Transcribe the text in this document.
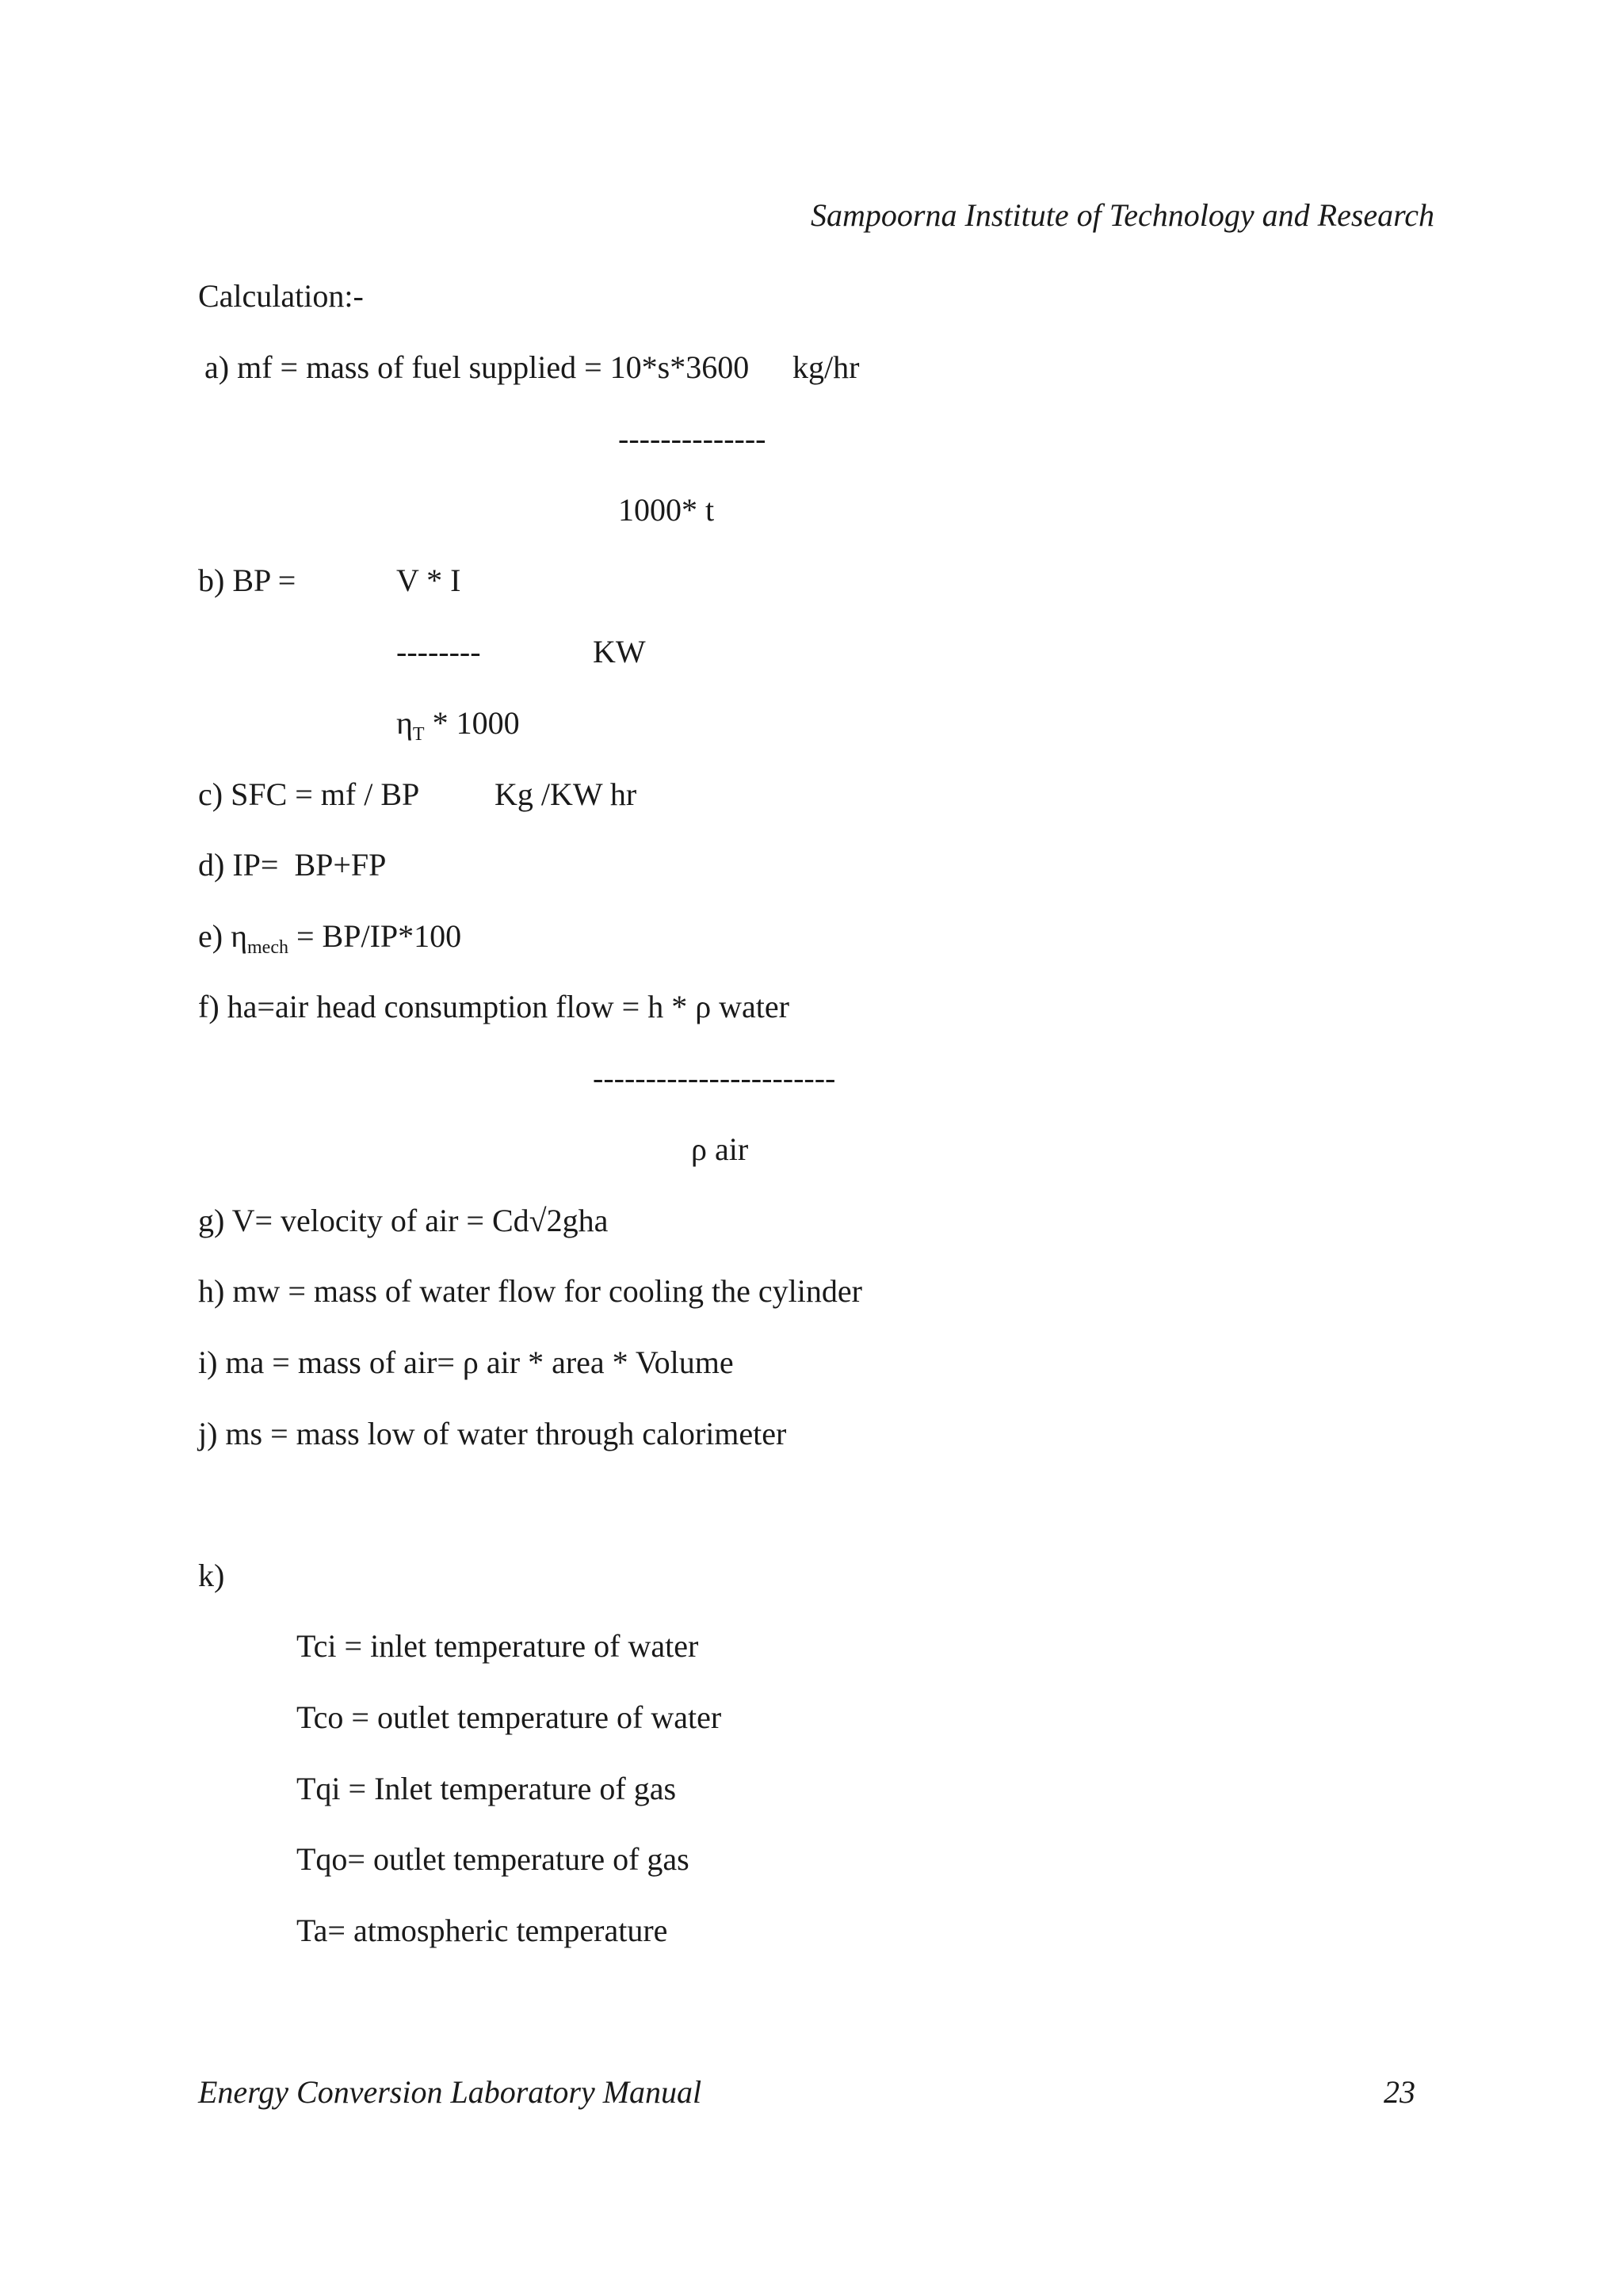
Sampoorna Institute of Technology and Research
Calculation:-
a) mf = mass of fuel supplied = 10*s*3600 kg/hr
--------------
1000* t
b) BP =	V * I
--------	KW
$\eta_T * 1000$
c) SFC = mf / BP Kg /KW hr
d) IP=  BP+FP
e) $\eta_{mech} = BP/IP*100$
f) ha=air head consumption flow = h * ρ water
-----------------------
ρ air
g) V= velocity of air = Cd√2gha
h) mw = mass of water flow for cooling the cylinder
i) ma = mass of air= ρ air * area * Volume
j) ms = mass low of water through calorimeter
k)
Tci = inlet temperature of water
Tco = outlet temperature of water
Tqi = Inlet temperature of gas
Tqo= outlet temperature of gas
Ta= atmospheric temperature
Energy Conversion Laboratory Manual	23
